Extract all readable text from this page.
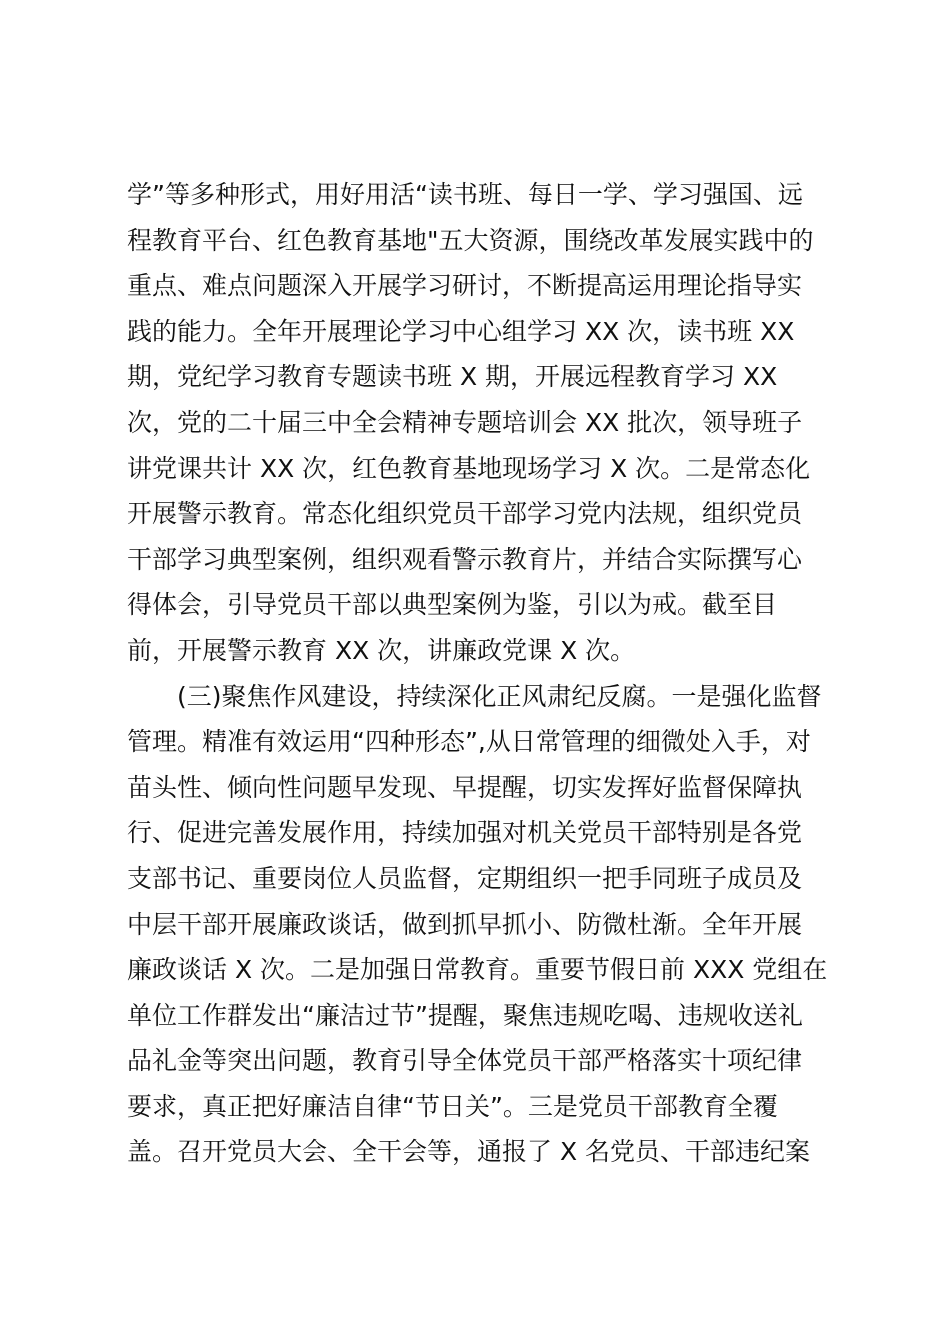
学”等多种形式，用好用活“读书班、每日一学、学习强国、远
程教育平台、红色教育基地"五大资源，围绕改革发展实践中的
重点、难点问题深入开展学习研讨，不断提高运用理论指导实
践的能力。全年开展理论学习中心组学习 XX 次，读书班 XX
期，党纪学习教育专题读书班 X 期，开展远程教育学习 XX
次，党的二十届三中全会精神专题培训会 XX 批次，领导班子
讲党课共计 XX 次，红色教育基地现场学习 X 次。二是常态化
开展警示教育。常态化组织党员干部学习党内法规，组织党员
干部学习典型案例，组织观看警示教育片，并结合实际撰写心
得体会，引导党员干部以典型案例为鉴，引以为戒。截至目
前，开展警示教育 XX 次，讲廉政党课 X 次。
(三)聚焦作风建设，持续深化正风肃纪反腐。一是强化监督
管理。精准有效运用“四种形态”,从日常管理的细微处入手，对
苗头性、倾向性问题早发现、早提醒，切实发挥好监督保障执
行、促进完善发展作用，持续加强对机关党员干部特别是各党
支部书记、重要岗位人员监督，定期组织一把手同班子成员及
中层干部开展廉政谈话，做到抓早抓小、防微杜渐。全年开展
廉政谈话 X 次。二是加强日常教育。重要节假日前 XXX 党组在
单位工作群发出“廉洁过节”提醒，聚焦违规吃喝、违规收送礼
品礼金等突出问题，教育引导全体党员干部严格落实十项纪律
要求，真正把好廉洁自律“节日关”。三是党员干部教育全覆
盖。召开党员大会、全干会等，通报了 X 名党员、干部违纪案
